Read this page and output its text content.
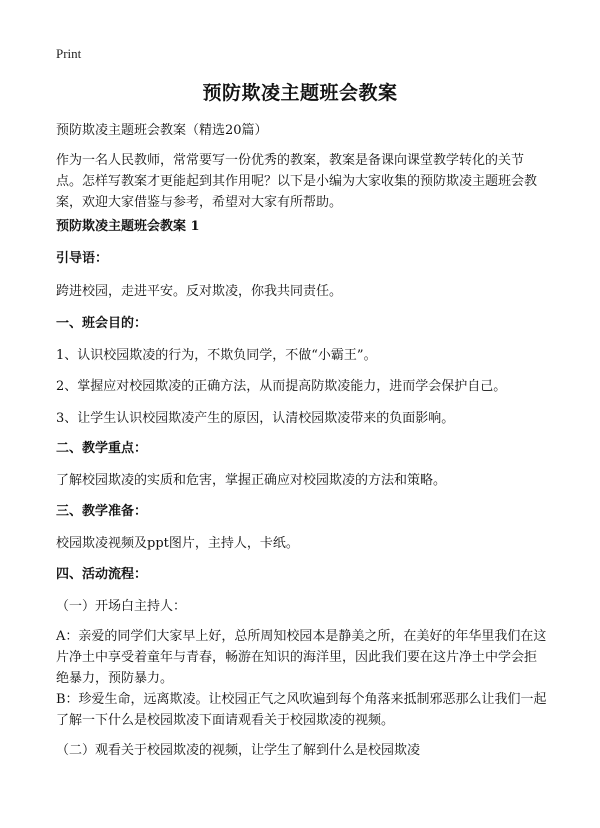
Print
预防欺凌主题班会教案

预防欺凌主题班会教案（精选20篇）

作为一名人民教师，常常要写一份优秀的教案，教案是备课向课堂教学转化的关节点。怎样写教案才更能起到其作用呢？以下是小编为大家收集的预防欺凌主题班会教案，欢迎大家借鉴与参考，希望对大家有所帮助。

预防欺凌主题班会教案 1

引导语：

跨进校园，走进平安。反对欺凌，你我共同责任。

一、班会目的：

1、认识校园欺凌的行为，不欺负同学，不做“小霸王”。

2、掌握应对校园欺凌的正确方法，从而提高防欺凌能力，进而学会保护自己。

3、让学生认识校园欺凌产生的原因，认清校园欺凌带来的负面影响。

二、教学重点：

了解校园欺凌的实质和危害，掌握正确应对校园欺凌的方法和策略。

三、教学准备：

校园欺凌视频及ppt图片，主持人，卡纸。

四、活动流程：

（一）开场白主持人：

A：亲爱的同学们大家早上好，总所周知校园本是静美之所，在美好的年华里我们在这片净土中享受着童年与青春，畅游在知识的海洋里，因此我们要在这片净土中学会拒绝暴力，预防暴力。

B：珍爱生命，远离欺凌。让校园正气之风吹遍到每个角落来抵制邪恶那么让我们一起了解一下什么是校园欺凌下面请观看关于校园欺凌的视频。

（二）观看关于校园欺凌的视频，让学生了解到什么是校园欺凌
